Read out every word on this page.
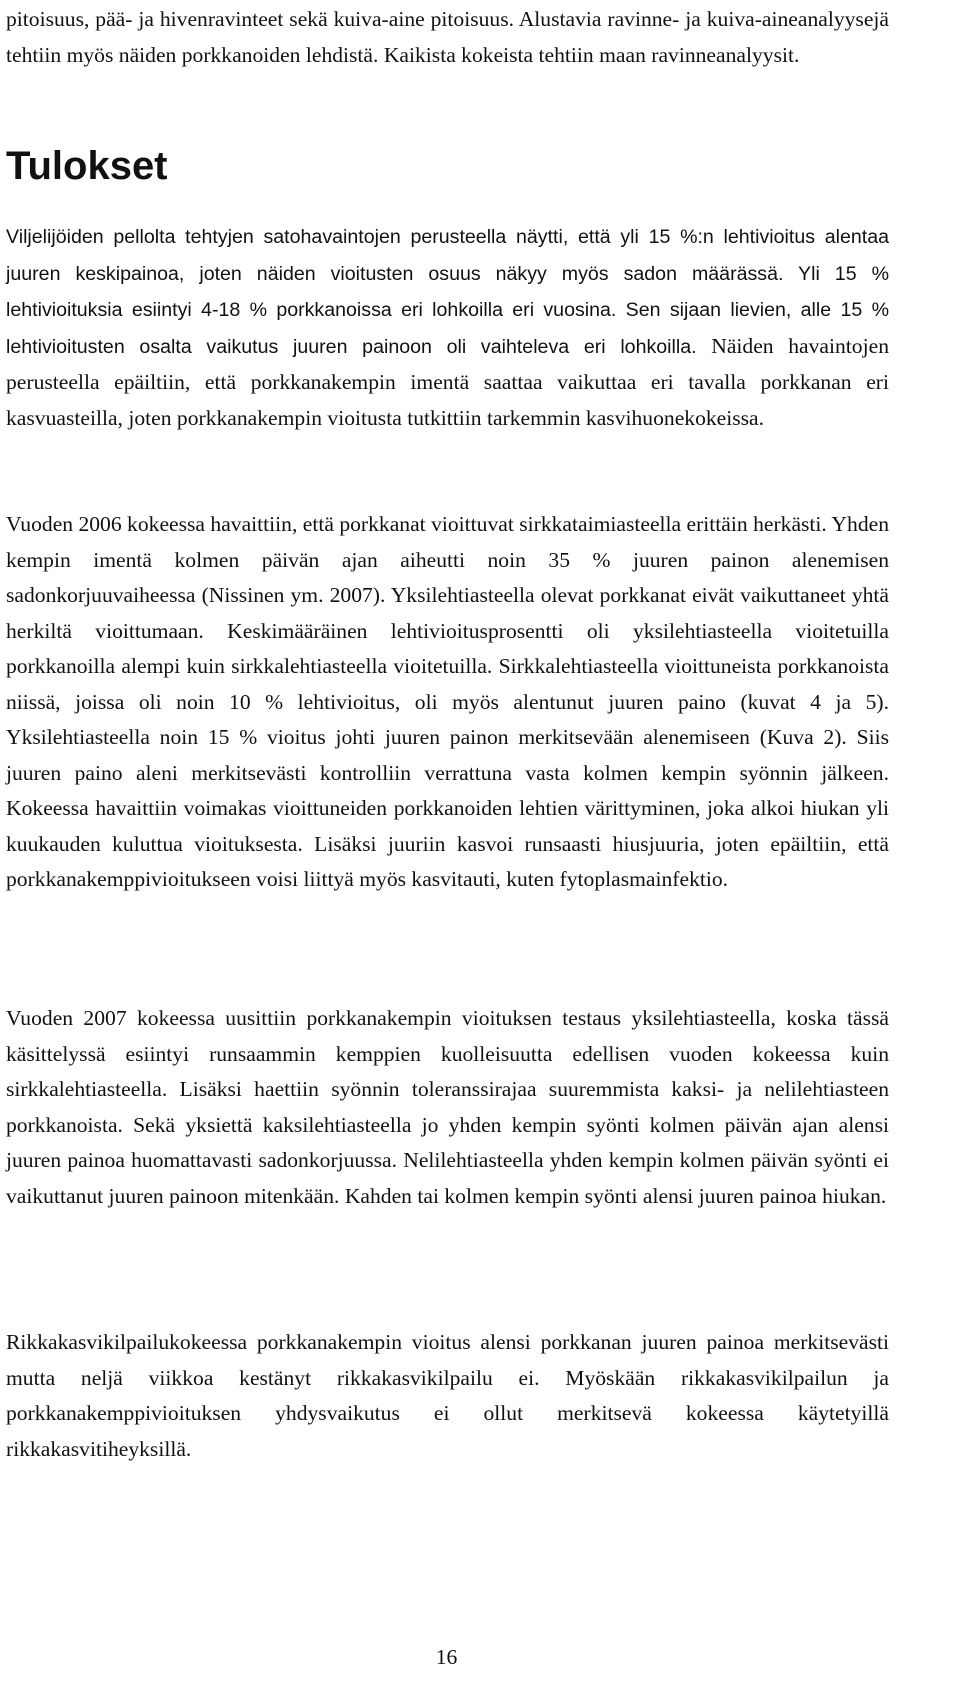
pitoisuus, pää- ja hivenravinteet sekä kuiva-aine pitoisuus. Alustavia ravinne- ja kuiva-aineanalyysejä tehtiin myös näiden porkkanoiden lehdistä. Kaikista kokeista tehtiin maan ravinneanalyysit.

Tulokset

Viljelijöiden pellolta tehtyjen satohavaintojen perusteella näytti, että yli 15 %:n lehtivioitus alentaa juuren keskipainoa, joten näiden vioitusten osuus näkyy myös sadon määrässä. Yli 15 % lehtivioituksia esiintyi 4-18 % porkkanoissa eri lohkoilla eri vuosina. Sen sijaan lievien, alle 15 % lehtivioitusten osalta vaikutus juuren painoon oli vaihteleva eri lohkoilla. Näiden havaintojen perusteella epäiltiin, että porkkanakempin imentä saattaa vaikuttaa eri tavalla porkkanan eri kasvuasteilla, joten porkkanakempin vioitusta tutkittiin tarkemmin kasvihuonekokeissa.

Vuoden 2006 kokeessa havaittiin, että porkkanat vioittuvat sirkkataimiasteella erittäin herkästi. Yhden kempin imentä kolmen päivän ajan aiheutti noin 35 % juuren painon alenemisen sadonkorjuuvaiheessa (Nissinen ym. 2007). Yksilehtiasteella olevat porkkanat eivät vaikuttaneet yhtä herkiltä vioittumaan. Keskimääräinen lehtivioitusprosentti oli yksilehtiasteella vioitetuilla porkkanoilla alempi kuin sirkkalehtiasteella vioitetuilla. Sirkkalehtiasteella vioittuneista porkkanoista niissä, joissa oli noin 10 % lehtivioitus, oli myös alentunut juuren paino (kuvat 4 ja 5). Yksilehtiasteella noin 15 % vioitus johti juuren painon merkitsevään alenemiseen (Kuva 2). Siis juuren paino aleni merkitsevästi kontrolliin verrattuna vasta kolmen kempin syönnin jälkeen. Kokeessa havaittiin voimakas vioittuneiden porkkanoiden lehtien värittyminen, joka alkoi hiukan yli kuukauden kuluttua vioituksesta. Lisäksi juuriin kasvoi runsaasti hiusjuuria, joten epäiltiin, että porkkanakemppivioitukseen voisi liittyä myös kasvitauti, kuten fytoplasmainfektio.

Vuoden 2007 kokeessa uusittiin porkkanakempin vioituksen testaus yksilehtiasteella, koska tässä käsittelyssä esiintyi runsaammin kemppien kuolleisuutta edellisen vuoden kokeessa kuin sirkkalehtiasteella. Lisäksi haettiin syönnin toleranssirajaa suuremmista kaksi- ja nelilehtiasteen porkkanoista. Sekä yksiettä kaksilehtiasteella jo yhden kempin syönti kolmen päivän ajan alensi juuren painoa huomattavasti sadonkorjuussa. Nelilehtiasteella yhden kempin kolmen päivän syönti ei vaikuttanut juuren painoon mitenkään. Kahden tai kolmen kempin syönti alensi juuren painoa hiukan.

Rikkakasvikilpailukokeessa porkkanakempin vioitus alensi porkkanan juuren painoa merkitsevästi mutta neljä viikkoa kestänyt rikkakasvikilpailu ei. Myöskään rikkakasvikilpailun ja porkkanakemppivioituksen yhdysvaikutus ei ollut merkitsevä kokeessa käytetyillä rikkakasvitiheyksillä.

16
